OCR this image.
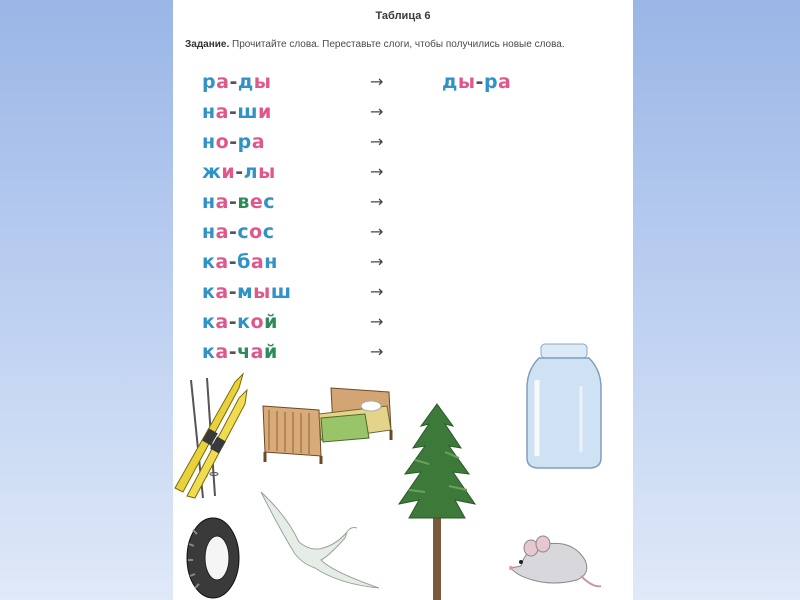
Таблица 6
Задание. Прочитайте слова. Переставьте слоги, чтобы получились новые слова.
ра-ды	→	ды-ра
на-ши	→
но-ра	→
жи-лы	→
на-вес	→
на-сос	→
ка-бан	→
ка-мыш	→
ка-кой	→
ка-чай	→
